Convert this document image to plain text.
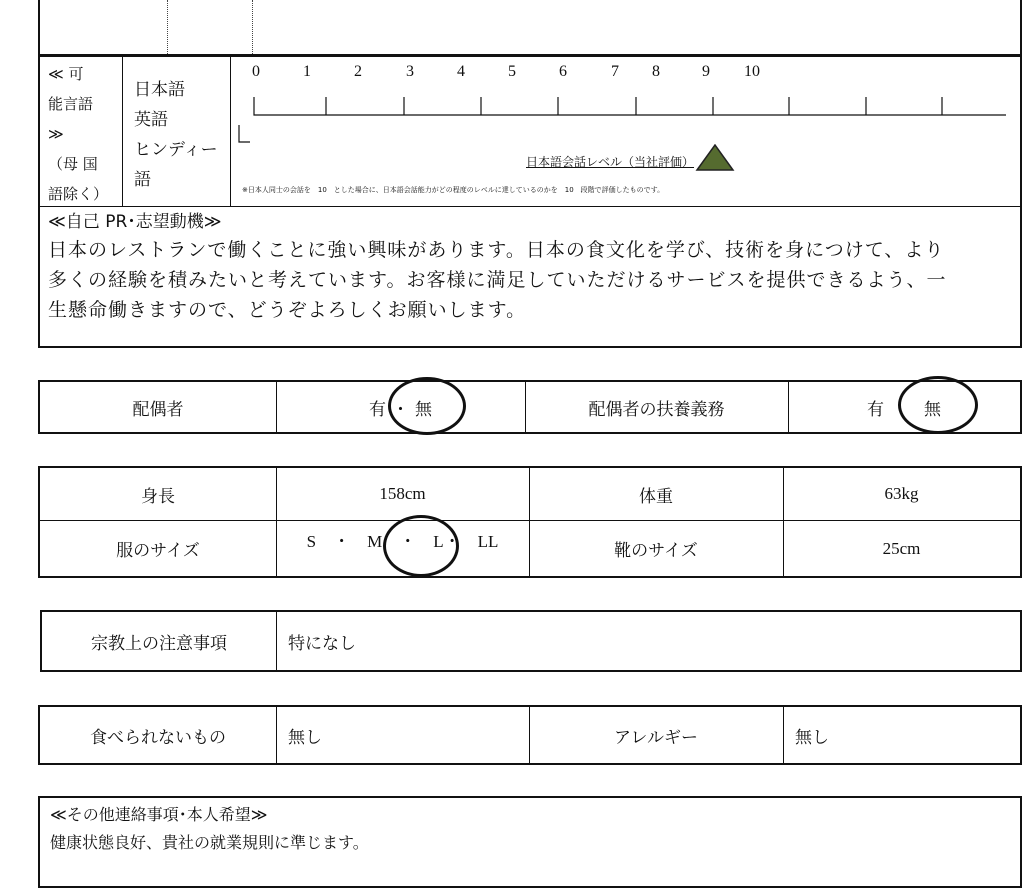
≪ 可
能言語
≫
（母 国
語除く）
日本語
英語
ヒンディー
語
0	1	2	3	4	5	6	7 8	9 10
日本語会話レベル（当社評価）
※日本人同士の会話を　10　とした場合に、日本語会話能力がどの程度のレベルに達しているのかを　10　段階で評価したものです。
≪自己 PR･志望動機≫
日本のレストランで働くことに強い興味があります。日本の食文化を学び、技術を身につけて、より
多くの経験を積みたいと考えています。お客様に満足していただけるサービスを提供できるよう、一
生懸命働きますので、どうぞよろしくお願いします。
配偶者	有 ・ 無	配偶者の扶養義務	有 無
身長	158cm	体重	63kg
服のサイズ	S　・　M　・　L・　LL	靴のサイズ	25cm
宗教上の注意事項	特になし
食べられないもの	無し	アレルギー	無し
≪その他連絡事項･本人希望≫
健康状態良好、貴社の就業規則に準じます。
